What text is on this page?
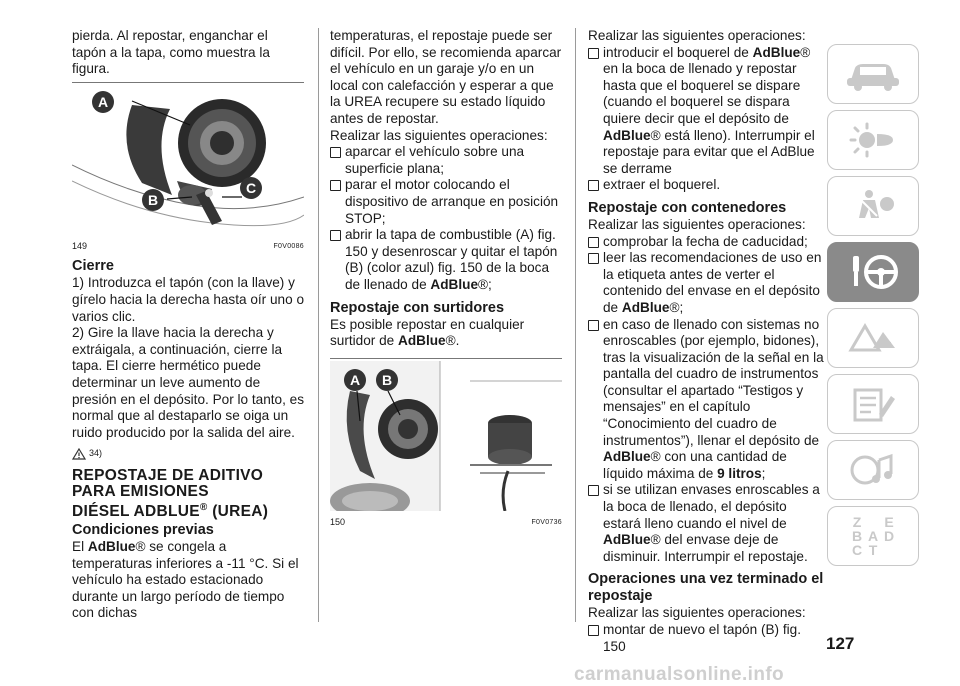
pierda. Al repostar, enganchar el tapón a la tapa, como muestra la figura.

A
B
C
149	F0V0086
Cierre

1) Introduzca el tapón (con la llave) y gírelo hacia la derecha hasta oír uno o varios clic.

2) Gire la llave hacia la derecha y extráigala, a continuación, cierre la tapa. El cierre hermético puede determinar un leve aumento de presión en el depósito. Por lo tanto, es normal que al destaparlo se oiga un ruido producido por la salida del aire.

34)
REPOSTAJE DE ADITIVO
PARA EMISIONES
DIÉSEL ADBLUE® (UREA)
Condiciones previas

El AdBlue® se congela a temperaturas inferiores a -11 °C. Si el vehículo ha estado estacionado durante un largo período de tiempo con dichas

temperaturas, el repostaje puede ser difícil. Por ello, se recomienda aparcar el vehículo en un garaje y/o en un local con calefacción y esperar a que la UREA recupere su estado líquido antes de repostar.

Realizar las siguientes operaciones:

aparcar el vehículo sobre una superficie plana;
parar el motor colocando el dispositivo de arranque en posición STOP;
abrir la tapa de combustible (A) fig. 150 y desenroscar y quitar el tapón (B) (color azul) fig. 150 de la boca de llenado de AdBlue®;
Repostaje con surtidores

Es posible repostar en cualquier surtidor de AdBlue®.

A	B
150	F0V0736

Realizar las siguientes operaciones:

introducir el boquerel de AdBlue® en la boca de llenado y repostar hasta que el boquerel se dispare (cuando el boquerel se dispara quiere decir que el depósito de AdBlue® está lleno). Interrumpir el repostaje para evitar que el AdBlue se derrame
extraer el boquerel.
Repostaje con contenedores

Realizar las siguientes operaciones:

comprobar la fecha de caducidad;
leer las recomendaciones de uso en la etiqueta antes de verter el contenido del envase en el depósito de AdBlue®;
en caso de llenado con sistemas no enroscables (por ejemplo, bidones), tras la visualización de la señal en la pantalla del cuadro de instrumentos (consultar el apartado “Testigos y mensajes” en el capítulo “Conocimiento del cuadro de instrumentos”), llenar el depósito de AdBlue® con una cantidad de líquido máxima de 9 litros;
si se utilizan envases enroscables a la boca de llenado, el depósito estará lleno cuando el nivel de AdBlue® del envase deje de disminuir. Interrumpir el repostaje.
Operaciones una vez terminado el repostaje

Realizar las siguientes operaciones:

montar de nuevo el tapón (B) fig. 150
Z E
B A D
C T
127
carmanualsonline.info
